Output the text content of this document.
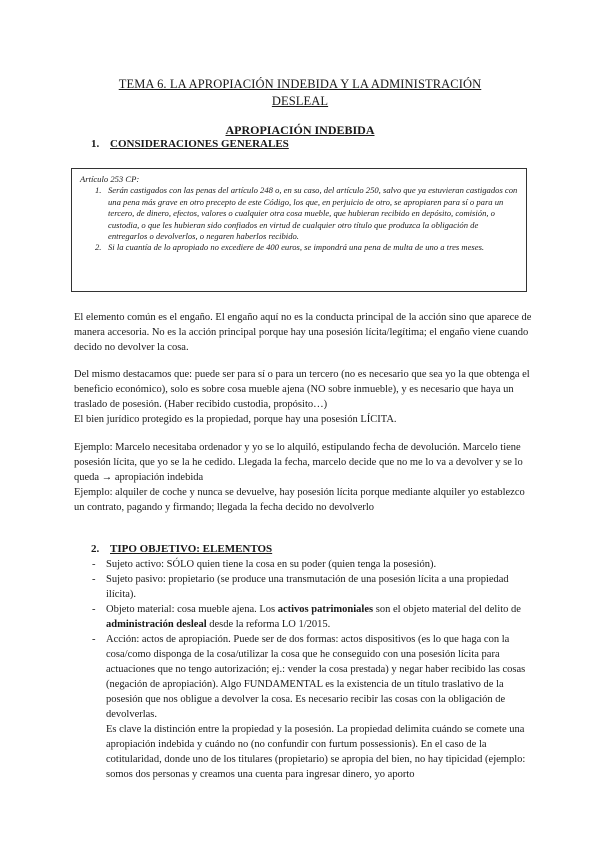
TEMA 6. LA APROPIACIÓN INDEBIDA Y LA ADMINISTRACIÓN DESLEAL
APROPIACIÓN INDEBIDA
1. CONSIDERACIONES GENERALES
Artículo 253 CP:
1. Serán castigados con las penas del artículo 248 o, en su caso, del artículo 250, salvo que ya estuvieran castigados con una pena más grave en otro precepto de este Código, los que, en perjuicio de otro, se apropiaren para sí o para un tercero, de dinero, efectos, valores o cualquier otra cosa mueble, que hubieran recibido en depósito, comisión, o custodia, o que les hubieran sido confiados en virtud de cualquier otro título que produzca la obligación de entregarlos o devolverlos, o negaren haberlos recibido.
2. Si la cuantía de lo apropiado no excediere de 400 euros, se impondrá una pena de multa de uno a tres meses.
El elemento común es el engaño. El engaño aquí no es la conducta principal de la acción sino que aparece de manera accesoria. No es la acción principal porque hay una posesión lícita/legítima; el engaño viene cuando decido no devolver la cosa.
Del mismo destacamos que: puede ser para sí o para un tercero (no es necesario que sea yo la que obtenga el beneficio económico), solo es sobre cosa mueble ajena (NO sobre inmueble), y es necesario que haya un traslado de posesión. (Haber recibido custodia, propósito…)
El bien jurídico protegido es la propiedad, porque hay una posesión LÍCITA.
Ejemplo: Marcelo necesitaba ordenador y yo se lo alquiló, estipulando fecha de devolución. Marcelo tiene posesión lícita, que yo se la he cedido. Llegada la fecha, marcelo decide que no me lo va a devolver y se lo queda → apropiación indebida
Ejemplo: alquiler de coche y nunca se devuelve, hay posesión lícita porque mediante alquiler yo establezco un contrato, pagando y firmando; llegada la fecha decido no devolverlo
2. TIPO OBJETIVO: ELEMENTOS
- Sujeto activo: SÓLO quien tiene la cosa en su poder (quien tenga la posesión).
- Sujeto pasivo: propietario (se produce una transmutación de una posesión lícita a una propiedad ilícita).
- Objeto material: cosa mueble ajena. Los activos patrimoniales son el objeto material del delito de administración desleal desde la reforma LO 1/2015.
- Acción: actos de apropiación. Puede ser de dos formas: actos dispositivos (es lo que haga con la cosa/como disponga de la cosa/utilizar la cosa que he conseguido con una posesión lícita para actuaciones que no tengo autorización; ej.: vender la cosa prestada) y negar haber recibido las cosas (negación de apropiación). Algo FUNDAMENTAL es la existencia de un título traslativo de la posesión que nos obligue a devolver la cosa. Es necesario recibir las cosas con la obligación de devolverlas.
Es clave la distinción entre la propiedad y la posesión. La propiedad delimita cuándo se comete una apropiación indebida y cuándo no (no confundir con furtum possessionis). En el caso de la cotitularidad, donde uno de los titulares (propietario) se apropia del bien, no hay tipicidad (ejemplo: somos dos personas y creamos una cuenta para ingresar dinero, yo aporto
